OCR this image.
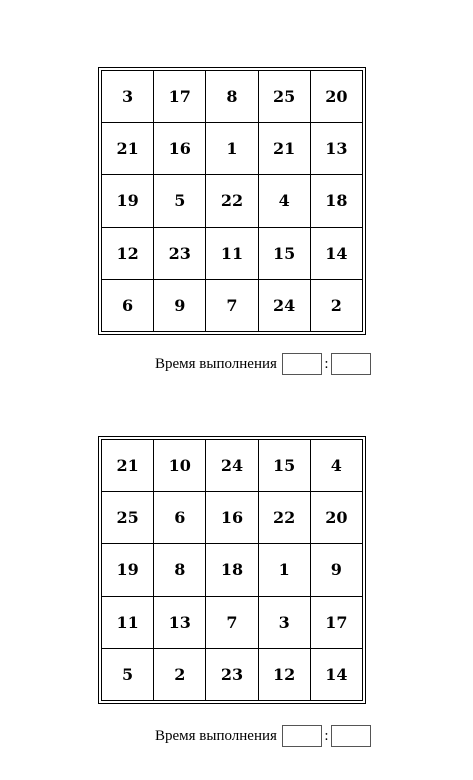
3	17	8	25	20
21	16	1	21	13
19	5	22	4	18
12	23	11	15	14
6	9	7	24	2
Время выполнения	:
21	10	24	15	4
25	6	16	22	20
19	8	18	1	9
11	13	7	3	17
5	2	23	12	14
Время выполнения	:
